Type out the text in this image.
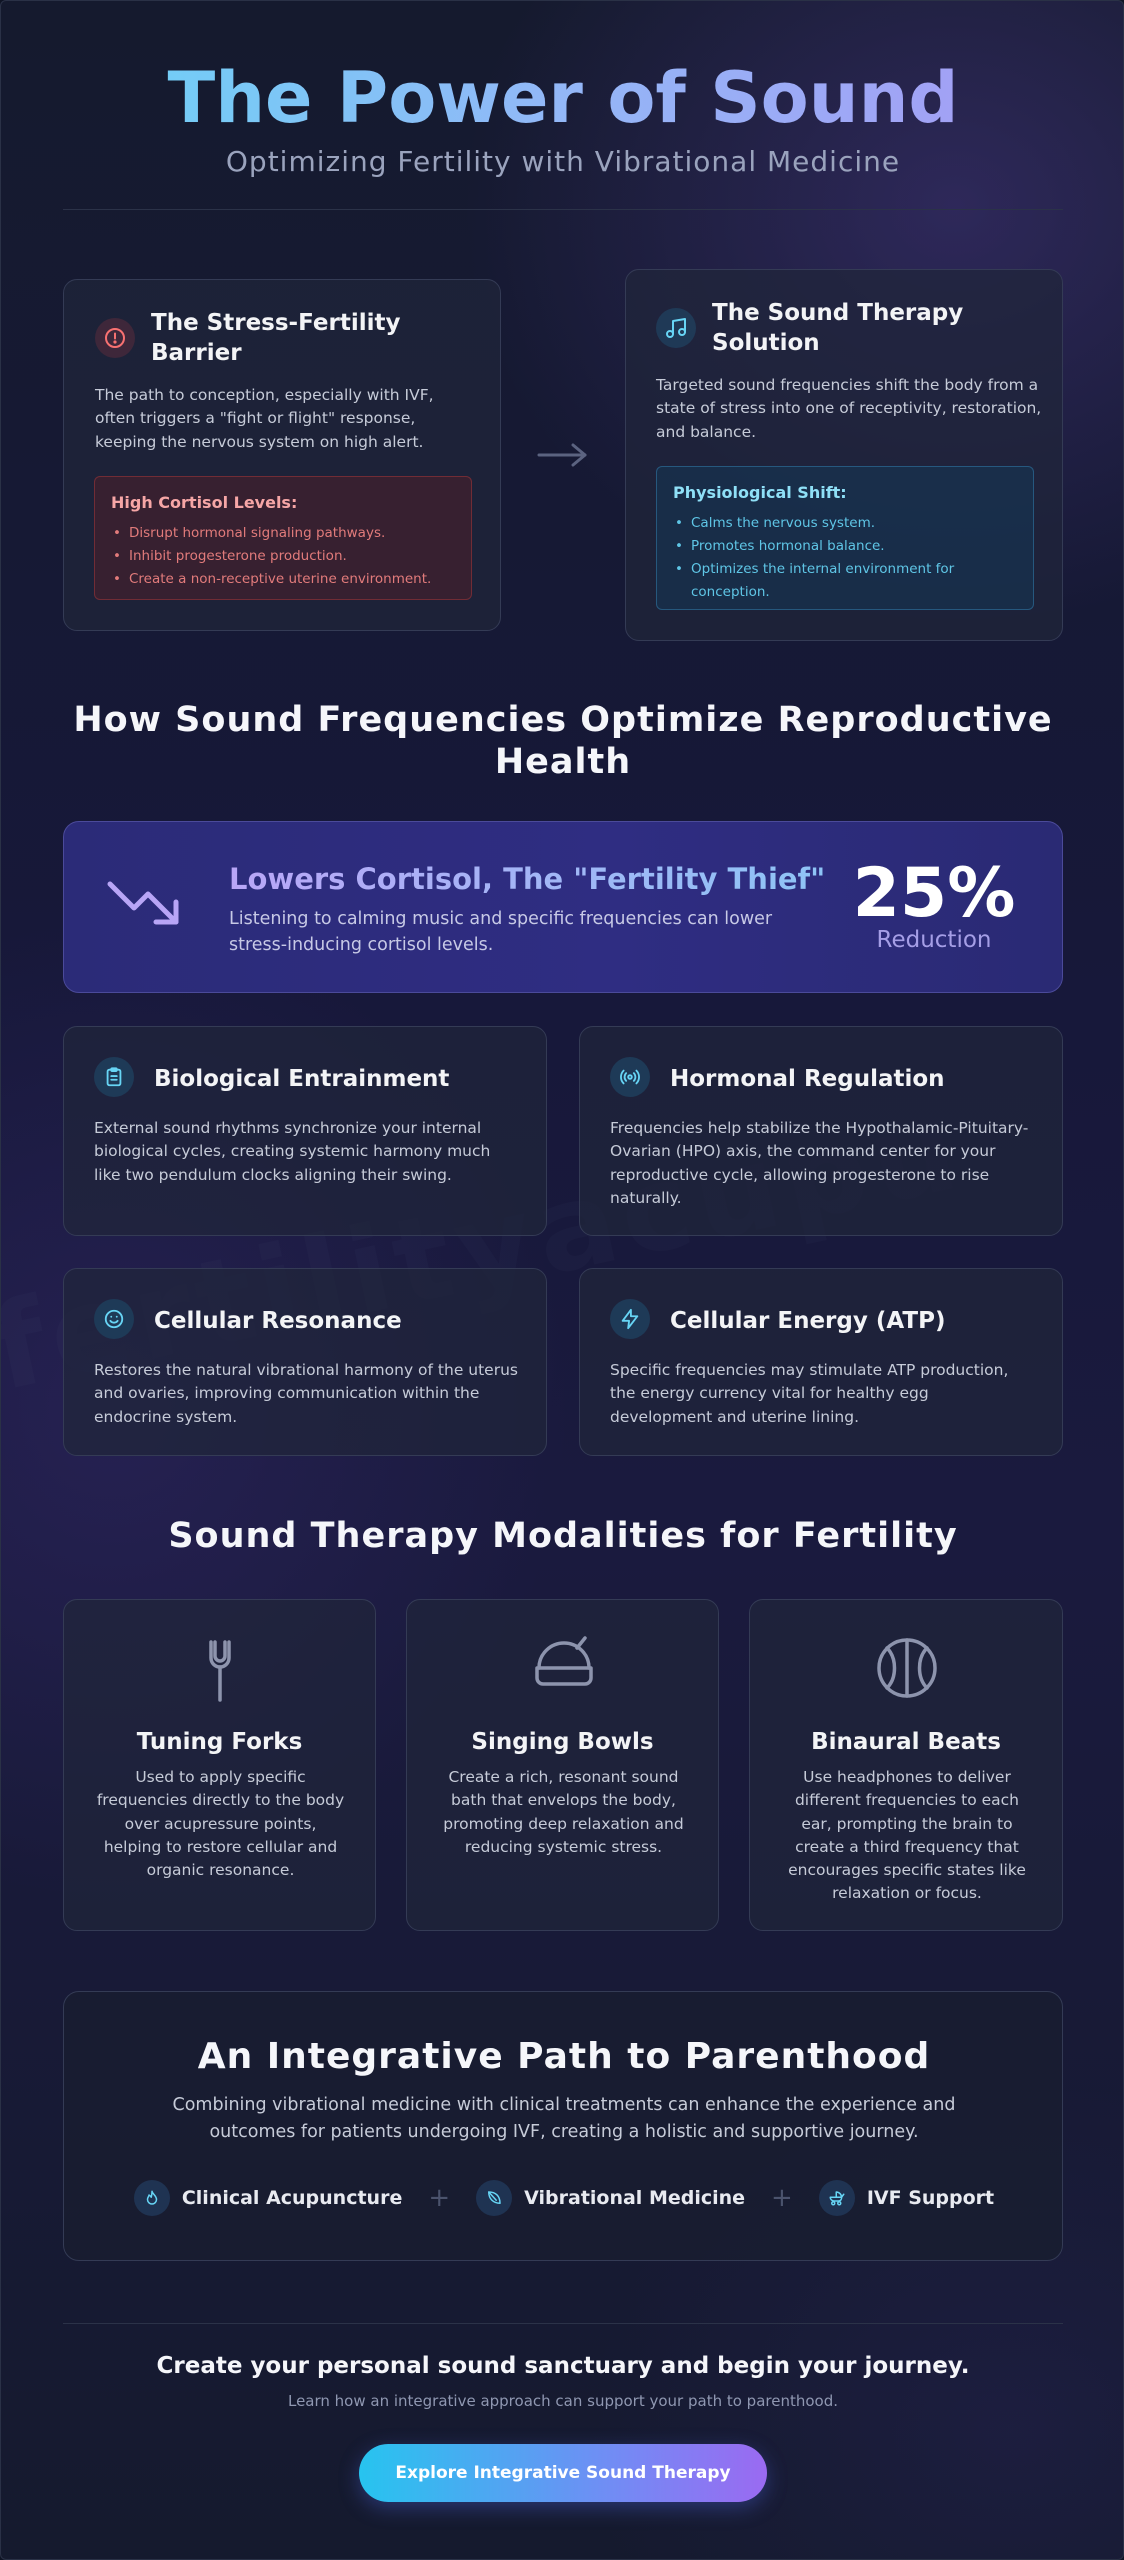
The Power of Sound
Optimizing Fertility with Vibrational Medicine
The Stress-Fertility Barrier

The path to conception, especially with IVF, often triggers a "fight or flight" response, keeping the nervous system on high alert.

High Cortisol Levels:
• Disrupt hormonal signaling pathways.
• Inhibit progesterone production.
• Create a non-receptive uterine environment.
The Sound Therapy Solution

Targeted sound frequencies shift the body from a state of stress into one of receptivity, restoration, and balance.

Physiological Shift:
• Calms the nervous system.
• Promotes hormonal balance.
• Optimizes the internal environment for conception.
How Sound Frequencies Optimize Reproductive Health
Lowers Cortisol, The "Fertility Thief"

Listening to calming music and specific frequencies can lower stress-inducing cortisol levels.

25%
Reduction
Biological Entrainment

External sound rhythms synchronize your internal biological cycles, creating systemic harmony much like two pendulum clocks aligning their swing.

Hormonal Regulation

Frequencies help stabilize the Hypothalamic-Pituitary-Ovarian (HPO) axis, the command center for your reproductive cycle, allowing progesterone to rise naturally.

Cellular Resonance

Restores the natural vibrational harmony of the uterus and ovaries, improving communication within the endocrine system.

Cellular Energy (ATP)

Specific frequencies may stimulate ATP production, the energy currency vital for healthy egg development and uterine lining.

Sound Therapy Modalities for Fertility
Tuning Forks

Used to apply specific frequencies directly to the body over acupressure points, helping to restore cellular and organic resonance.

Singing Bowls

Create a rich, resonant sound bath that envelops the body, promoting deep relaxation and reducing systemic stress.

Binaural Beats

Use headphones to deliver different frequencies to each ear, prompting the brain to create a third frequency that encourages specific states like relaxation or focus.

An Integrative Path to Parenthood

Combining vibrational medicine with clinical treatments can enhance the experience and outcomes for patients undergoing IVF, creating a holistic and supportive journey.

Clinical Acupuncture +	Vibrational Medicine +	IVF Support
Create your personal sound sanctuary and begin your journey.
Learn how an integrative approach can support your path to parenthood.
Explore Integrative Sound Therapy
